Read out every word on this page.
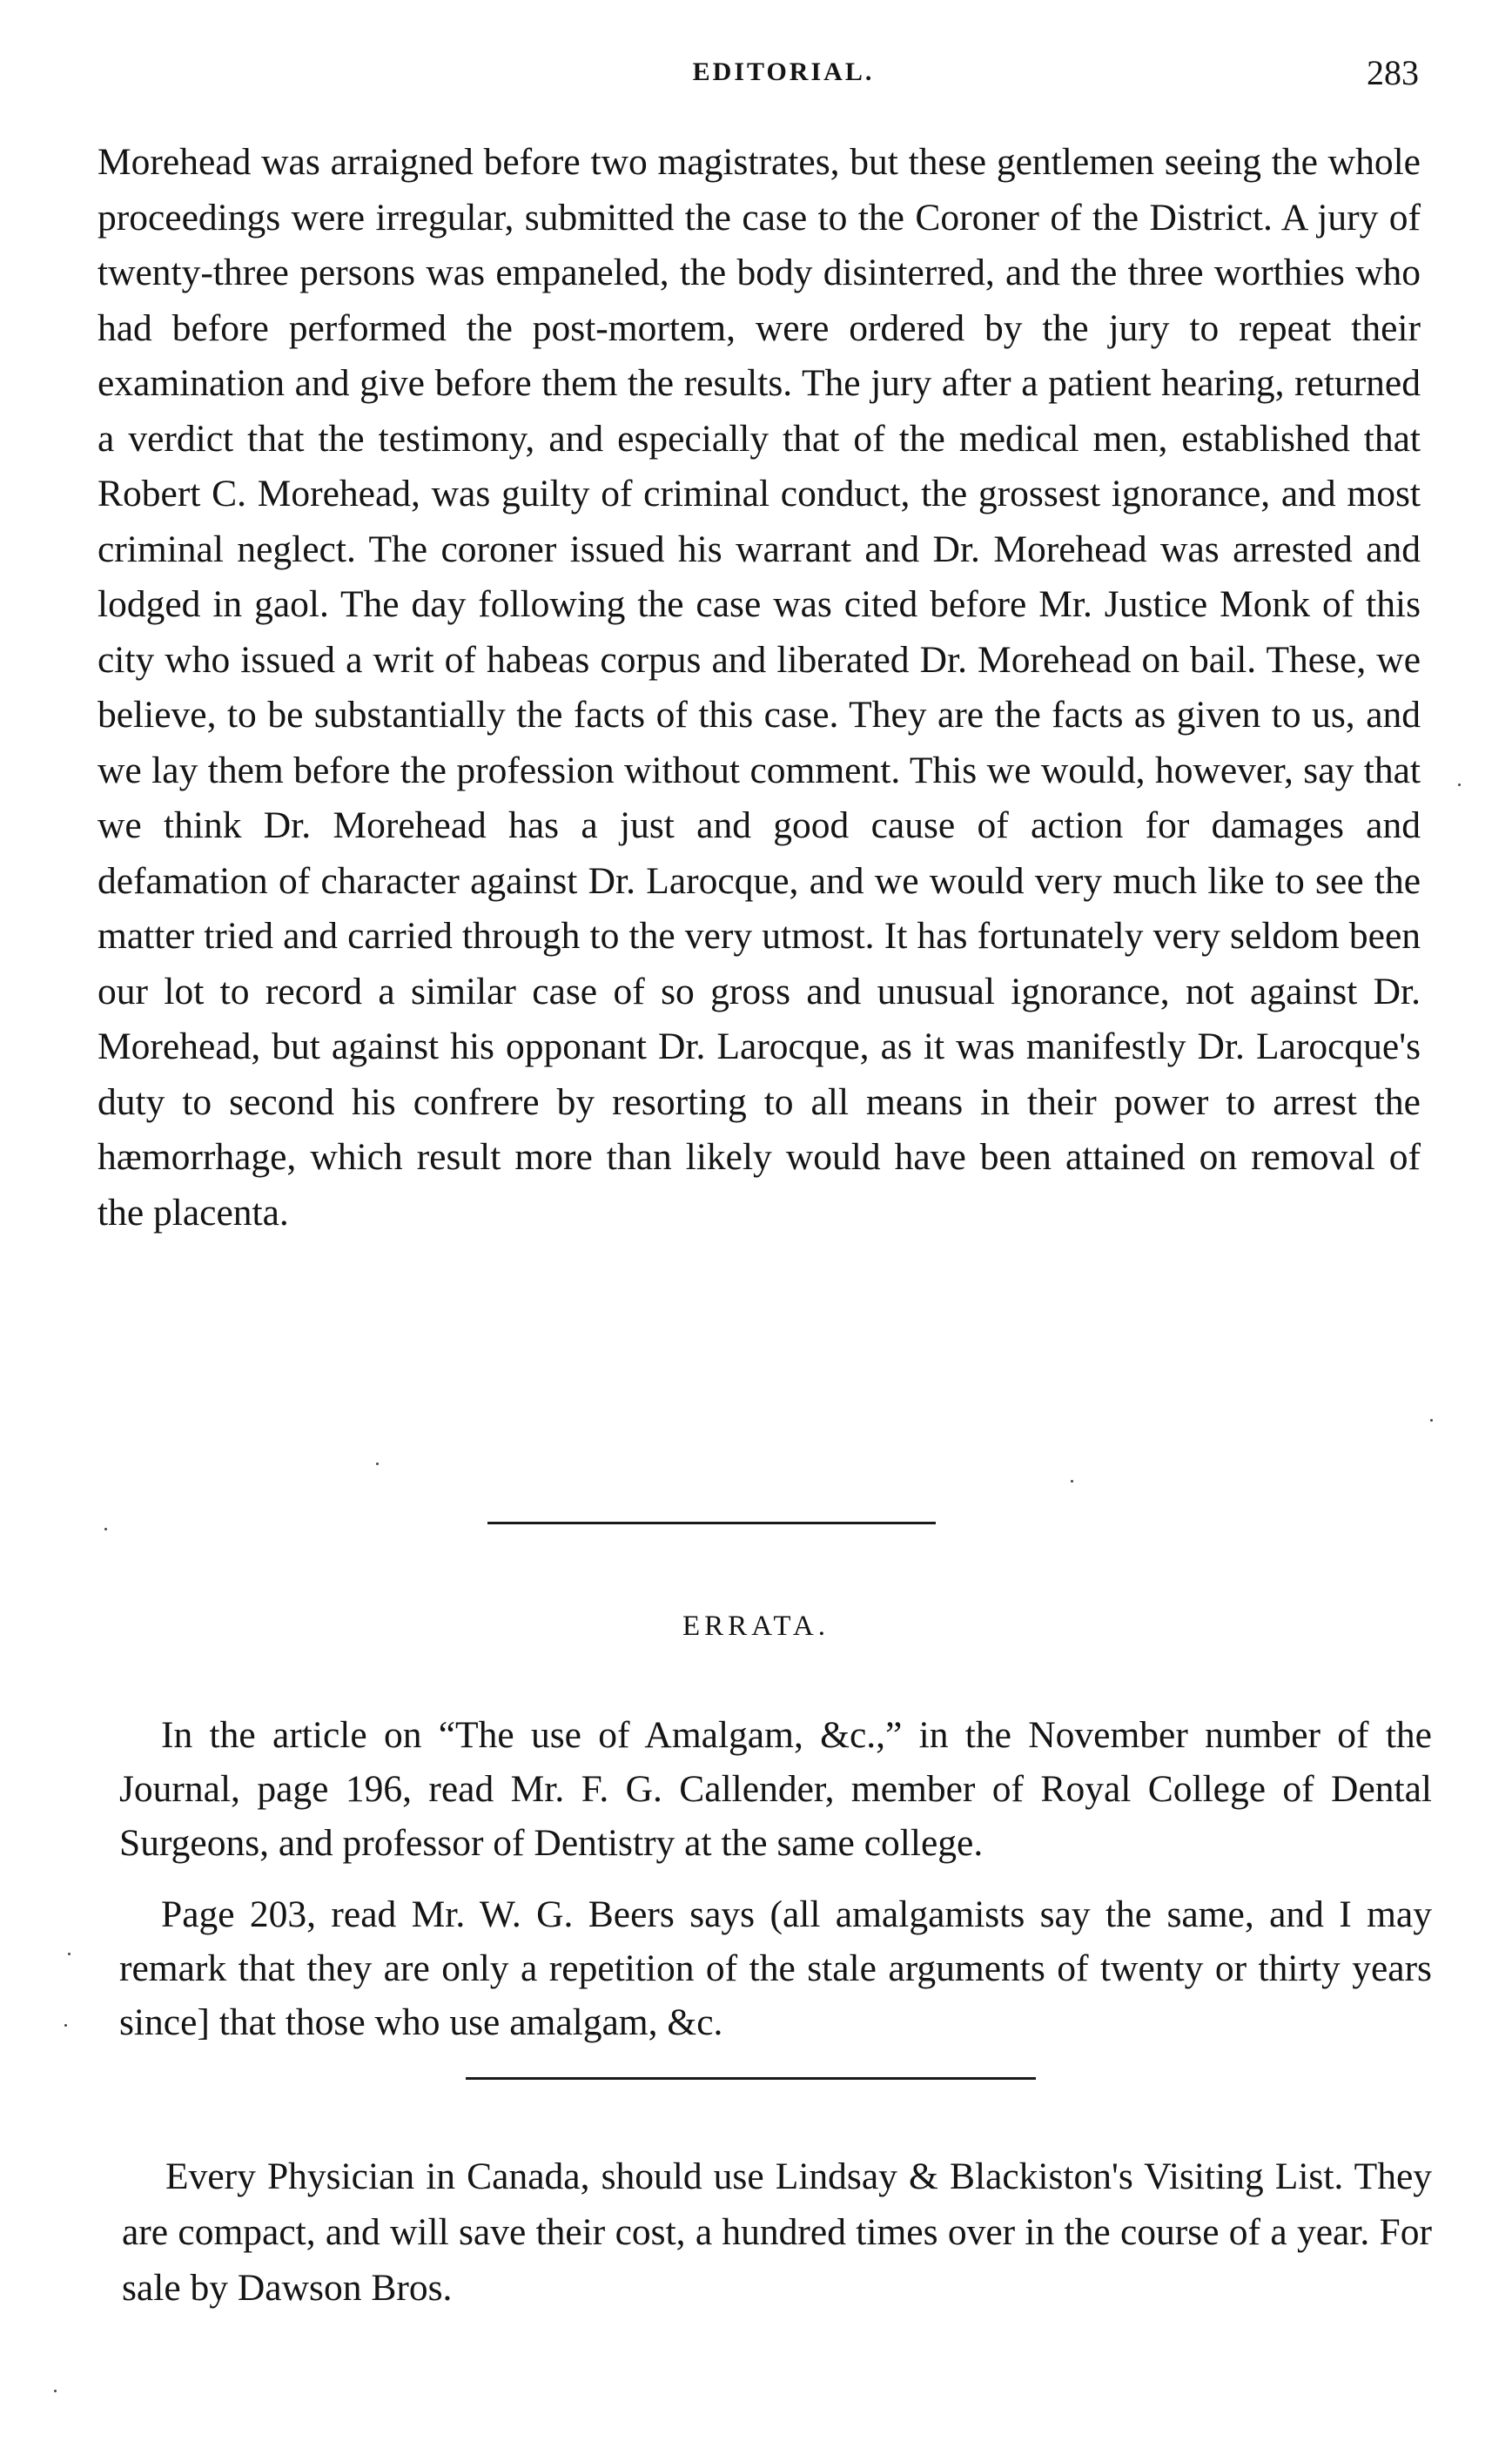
EDITORIAL.	283

Morehead was arraigned before two magistrates, but these gentlemen seeing the whole proceedings were irregular, submitted the case to the Coroner of the District. A jury of twenty-three persons was empaneled, the body disinterred, and the three worthies who had before performed the post-mortem, were ordered by the jury to repeat their examination and give before them the results. The jury after a patient hearing, returned a verdict that the testimony, and especially that of the medical men, established that Robert C. Morehead, was guilty of criminal conduct, the grossest ignorance, and most criminal neglect. The coroner issued his warrant and Dr. Morehead was arrested and lodged in gaol. The day following the case was cited before Mr. Justice Monk of this city who issued a writ of habeas corpus and liberated Dr. Morehead on bail. These, we believe, to be substantially the facts of this case. They are the facts as given to us, and we lay them before the profession without comment. This we would, however, say that we think Dr. Morehead has a just and good cause of action for damages and defamation of character against Dr. Larocque, and we would very much like to see the matter tried and carried through to the very utmost. It has fortunately very seldom been our lot to record a similar case of so gross and unusual ignorance, not against Dr. Morehead, but against his opponant Dr. Larocque, as it was manifestly Dr. Larocque's duty to second his confrere by resorting to all means in their power to arrest the hæmorrhage, which result more than likely would have been attained on removal of the placenta.

ERRATA.

In the article on “The use of Amalgam, &c.,” in the November number of the Journal, page 196, read Mr. F. G. Callender, member of Royal College of Dental Surgeons, and professor of Dentistry at the same college.

Page 203, read Mr. W. G. Beers says (all amalgamists say the same, and I may remark that they are only a repetition of the stale arguments of twenty or thirty years since] that those who use amalgam, &c.

Every Physician in Canada, should use Lindsay & Blackiston's Visiting List. They are compact, and will save their cost, a hundred times over in the course of a year. For sale by Dawson Bros.
